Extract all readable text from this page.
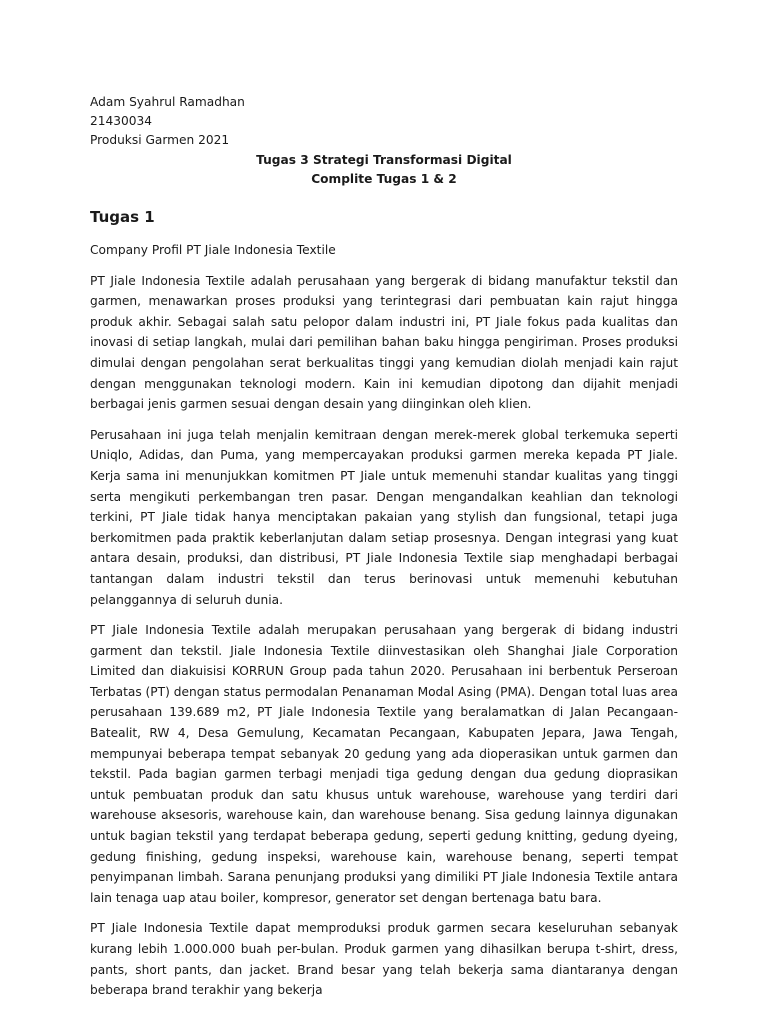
Adam Syahrul Ramadhan
21430034
Produksi Garmen 2021
Tugas 3 Strategi Transformasi Digital
Complite Tugas 1 & 2
Tugas 1
Company Profil PT Jiale Indonesia Textile

PT Jiale Indonesia Textile adalah perusahaan yang bergerak di bidang manufaktur tekstil dan garmen, menawarkan proses produksi yang terintegrasi dari pembuatan kain rajut hingga produk akhir. Sebagai salah satu pelopor dalam industri ini, PT Jiale fokus pada kualitas dan inovasi di setiap langkah, mulai dari pemilihan bahan baku hingga pengiriman. Proses produksi dimulai dengan pengolahan serat berkualitas tinggi yang kemudian diolah menjadi kain rajut dengan menggunakan teknologi modern. Kain ini kemudian dipotong dan dijahit menjadi berbagai jenis garmen sesuai dengan desain yang diinginkan oleh klien.

Perusahaan ini juga telah menjalin kemitraan dengan merek-merek global terkemuka seperti Uniqlo, Adidas, dan Puma, yang mempercayakan produksi garmen mereka kepada PT Jiale. Kerja sama ini menunjukkan komitmen PT Jiale untuk memenuhi standar kualitas yang tinggi serta mengikuti perkembangan tren pasar. Dengan mengandalkan keahlian dan teknologi terkini, PT Jiale tidak hanya menciptakan pakaian yang stylish dan fungsional, tetapi juga berkomitmen pada praktik keberlanjutan dalam setiap prosesnya. Dengan integrasi yang kuat antara desain, produksi, dan distribusi, PT Jiale Indonesia Textile siap menghadapi berbagai tantangan dalam industri tekstil dan terus berinovasi untuk memenuhi kebutuhan pelanggannya di seluruh dunia.

PT Jiale Indonesia Textile adalah merupakan perusahaan yang bergerak di bidang industri garment dan tekstil. Jiale Indonesia Textile diinvestasikan oleh Shanghai Jiale Corporation Limited dan diakuisisi KORRUN Group pada tahun 2020. Perusahaan ini berbentuk Perseroan Terbatas (PT) dengan status permodalan Penanaman Modal Asing (PMA). Dengan total luas area perusahaan 139.689 m2, PT Jiale Indonesia Textile yang beralamatkan di Jalan Pecangaan-Batealit, RW 4, Desa Gemulung, Kecamatan Pecangaan, Kabupaten Jepara, Jawa Tengah, mempunyai beberapa tempat sebanyak 20 gedung yang ada dioperasikan untuk garmen dan tekstil. Pada bagian garmen terbagi menjadi tiga gedung dengan dua gedung dioprasikan untuk pembuatan produk dan satu khusus untuk warehouse, warehouse yang terdiri dari warehouse aksesoris, warehouse kain, dan warehouse benang. Sisa gedung lainnya digunakan untuk bagian tekstil yang terdapat beberapa gedung, seperti gedung knitting, gedung dyeing, gedung finishing, gedung inspeksi, warehouse kain, warehouse benang, seperti tempat penyimpanan limbah. Sarana penunjang produksi yang dimiliki PT Jiale Indonesia Textile antara lain tenaga uap atau boiler, kompresor, generator set dengan bertenaga batu bara.

PT Jiale Indonesia Textile dapat memproduksi produk garmen secara keseluruhan sebanyak kurang lebih 1.000.000 buah per-bulan. Produk garmen yang dihasilkan berupa t-shirt, dress, pants, short pants, dan jacket. Brand besar yang telah bekerja sama diantaranya dengan beberapa brand terakhir yang bekerja
